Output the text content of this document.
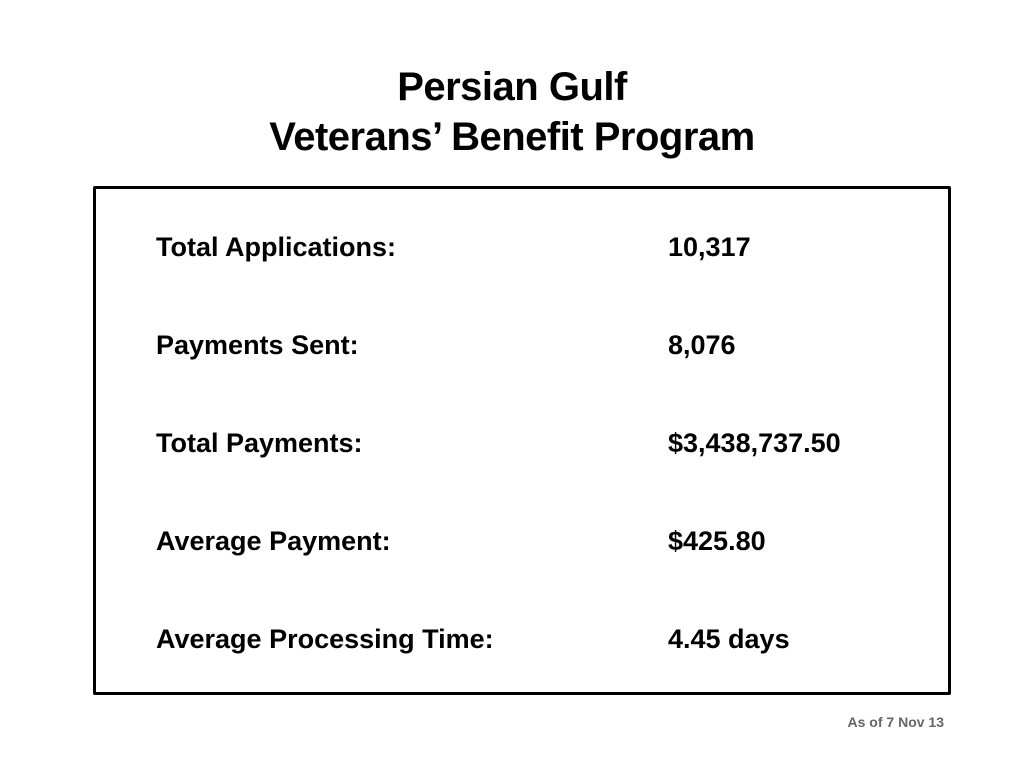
Persian Gulf
Veterans’ Benefit Program
Total Applications:	10,317
Payments Sent:	8,076
Total Payments:	$3,438,737.50
Average Payment:	$425.80
Average Processing Time:	4.45 days
As of 7 Nov 13
